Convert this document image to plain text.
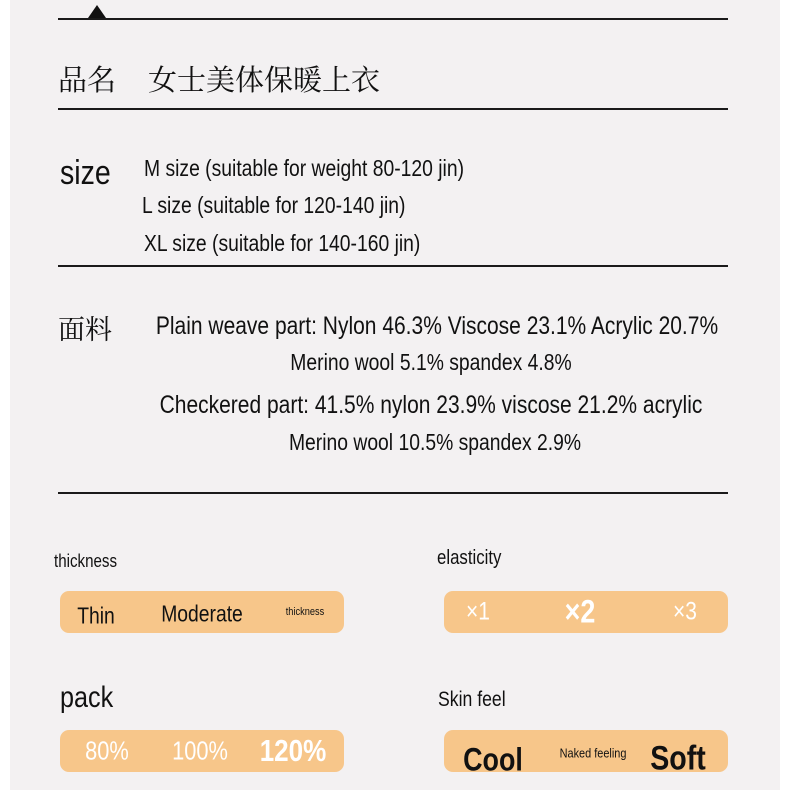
品名 女士美体保暖上衣
size M size (suitable for weight 80-120 jin)
L size (suitable for 120-140 jin)
XL size (suitable for 140-160 jin)
面料 Plain weave part: Nylon 46.3% Viscose 23.1% Acrylic 20.7%
Merino wool 5.1% spandex 4.8%
Checkered part: 41.5% nylon 23.9% viscose 21.2% acrylic
Merino wool 10.5% spandex 2.9%
thickness
Thin Moderate	thickness
elasticity
×1 ×2	×3
pack
80% 100% 120%
Skin feel
Cool	Naked feeling Soft
